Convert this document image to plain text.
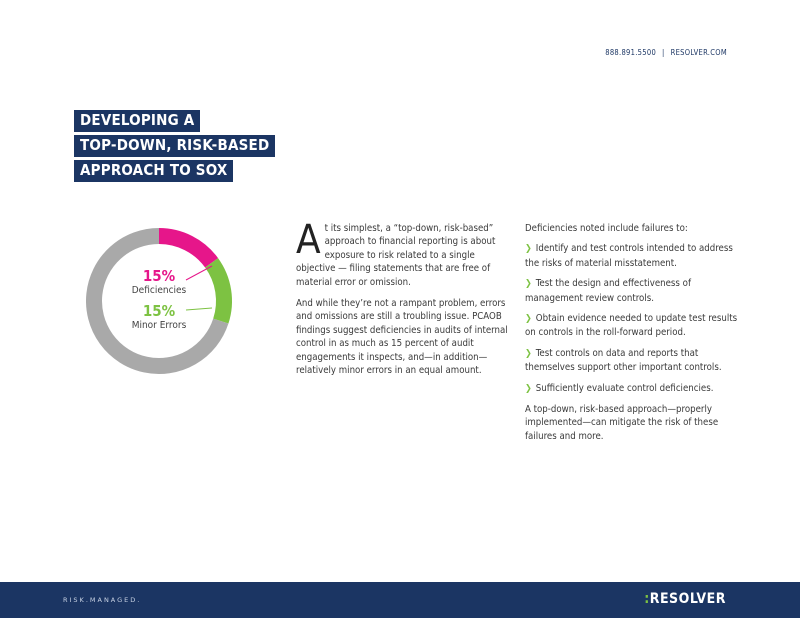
888.891.5500 | RESOLVER.COM
DEVELOPING A
TOP-DOWN, RISK-BASED
APPROACH TO SOX
15%
Deficiencies
15%
Minor Errors

At its simplest, a “top-down, risk-based” approach to financial reporting is about exposure to risk related to a single objective — filing statements that are free of material error or omission.

And while they’re not a rampant problem, errors and omissions are still a troubling issue. PCAOB findings suggest deficiencies in audits of internal control in as much as 15 percent of audit engagements it inspects, and—in addition—relatively minor errors in an equal amount.

Deficiencies noted include failures to:

❯ Identify and test controls intended to address the risks of material misstatement.
❯ Test the design and effectiveness of management review controls.
❯ Obtain evidence needed to update test results on controls in the roll-forward period.
❯ Test controls on data and reports that themselves support other important controls.
❯ Sufficiently evaluate control deficiencies.

A top-down, risk-based approach—properly implemented—can mitigate the risk of these failures and more.

RISK.MANAGED.	:RESOLVER
